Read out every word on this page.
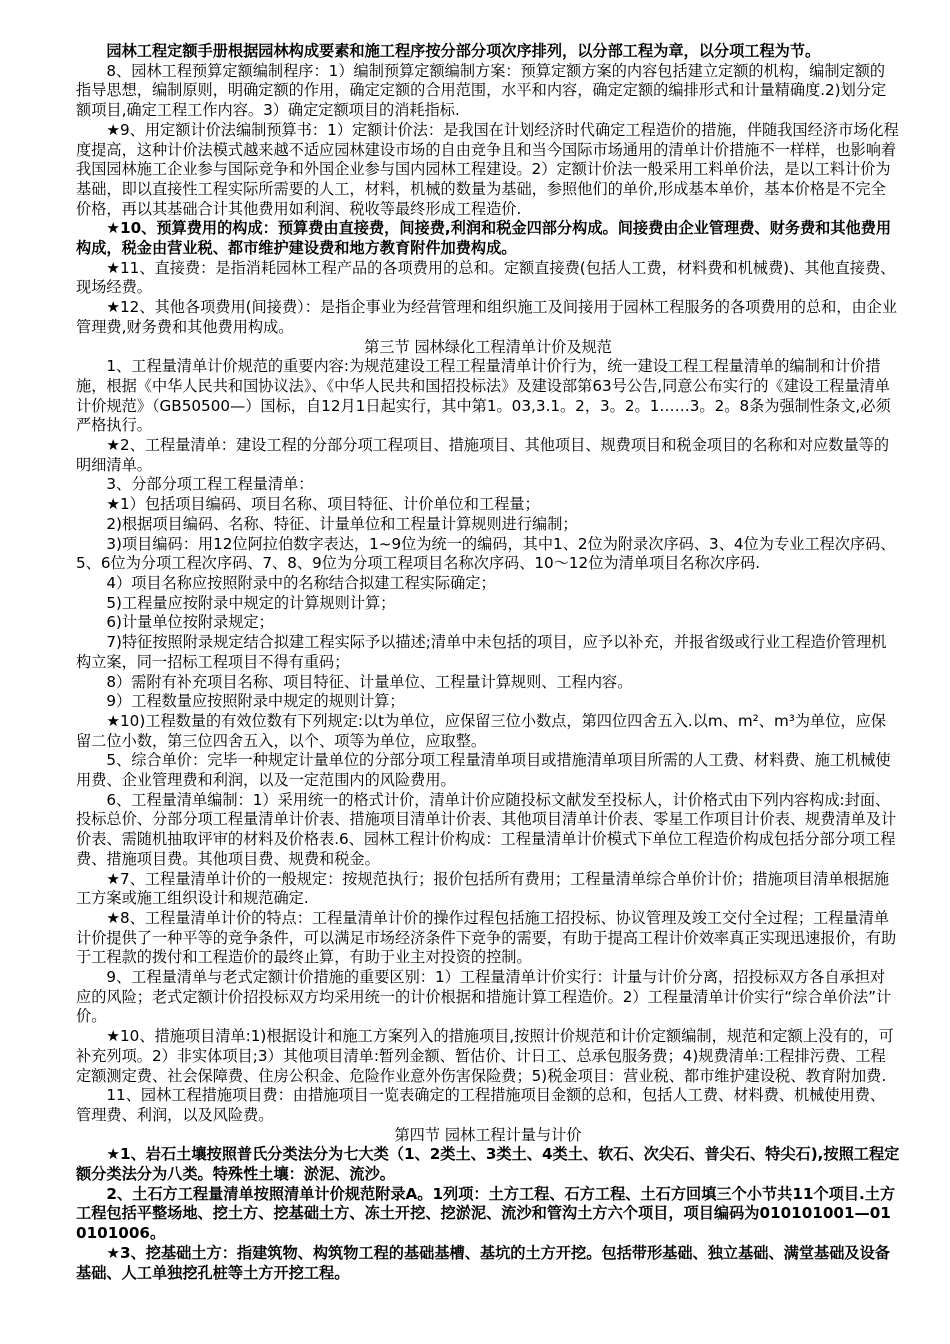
园林工程定额手册根据园林构成要素和施工程序按分部分项次序排列，以分部工程为章，以分项工程为节。

8、园林工程预算定额编制程序：1）编制预算定额编制方案：预算定额方案的内容包括建立定额的机构，编制定额的指导思想，编制原则，明确定额的作用，确定定额的合用范围，水平和内容，确定定额的编排形式和计量精确度.2)划分定额项目,确定工程工作内容。3）确定定额项目的消耗指标.

★9、用定额计价法编制预算书：1）定额计价法：是我国在计划经济时代确定工程造价的措施，伴随我国经济市场化程度提高，这种计价法模式越来越不适应园林建设市场的自由竞争且和当今国际市场通用的清单计价措施不一样样，也影响着我国园林施工企业参与国际竞争和外国企业参与国内园林工程建设。2）定额计价法一般采用工料单价法，是以工料计价为基础，即以直接性工程实际所需要的人工，材料，机械的数量为基础，参照他们的单价,形成基本单价，基本价格是不完全价格，再以其基础合计其他费用如利润、税收等最终形成工程造价.

★10、预算费用的构成：预算费由直接费，间接费,利润和税金四部分构成。间接费由企业管理费、财务费和其他费用构成，税金由营业税、都市维护建设费和地方教育附件加费构成。

★11、直接费：是指消耗园林工程产品的各项费用的总和。定额直接费(包括人工费，材料费和机械费)、其他直接费、现场经费。

★12、其他各项费用(间接费）：是指企事业为经营管理和组织施工及间接用于园林工程服务的各项费用的总和，由企业管理费,财务费和其他费用构成。

第三节 园林绿化工程清单计价及规范

1、工程量清单计价规范的重要内容:为规范建设工程工程量清单计价行为，统一建设工程工程量清单的编制和计价措施，根据《中华人民共和国协议法》、《中华人民共和国招投标法》及建设部第63号公告,同意公布实行的《建设工程量清单计价规范》（GB50500—）国标，自12月1日起实行，其中第1。03,3.1。2，3。2。1……3。2。8条为强制性条文,必须严格执行。

★2、工程量清单：建设工程的分部分项工程项目、措施项目、其他项目、规费项目和税金项目的名称和对应数量等的明细清单。

3、分部分项工程工程量清单：

★1）包括项目编码、项目名称、项目特征、计价单位和工程量；

2)根据项目编码、名称、特征、计量单位和工程量计算规则进行编制；

3)项目编码：用12位阿拉伯数字表达，1~9位为统一的编码，其中1、2位为附录次序码、3、4位为专业工程次序码、5、6位为分项工程次序码、7、8、9位为分项工程项目名称次序码、10～12位为清单项目名称次序码.

4）项目名称应按照附录中的名称结合拟建工程实际确定；

5)工程量应按附录中规定的计算规则计算；

6)计量单位按附录规定；

7)特征按照附录规定结合拟建工程实际予以描述;清单中未包括的项目，应予以补充，并报省级或行业工程造价管理机构立案，同一招标工程项目不得有重码；

8）需附有补充项目名称、项目特征、计量单位、工程量计算规则、工程内容。

9）工程数量应按照附录中规定的规则计算；

★10)工程数量的有效位数有下列规定:以t为单位，应保留三位小数点，第四位四舍五入.以m、m²、m³为单位，应保留二位小数，第三位四舍五入，以个、项等为单位，应取整。

5、综合单价：完毕一种规定计量单位的分部分项工程量清单项目或措施清单项目所需的人工费、材料费、施工机械使用费、企业管理费和利润，以及一定范围内的风险费用。

6、工程量清单编制：1）采用统一的格式计价，清单计价应随投标文献发至投标人，计价格式由下列内容构成:封面、投标总价、分部分项工程量清单计价表、措施项目清单计价表、其他项目清单计价表、零星工作项目计价表、规费清单及计价表、需随机抽取评审的材料及价格表.6、园林工程计价构成：工程量清单计价模式下单位工程造价构成包括分部分项工程费、措施项目费。其他项目费、规费和税金。

★7、工程量清单计价的一般规定：按规范执行；报价包括所有费用；工程量清单综合单价计价；措施项目清单根据施工方案或施工组织设计和规范确定.

★8、工程量清单计价的特点：工程量清单计价的操作过程包括施工招投标、协议管理及竣工交付全过程；工程量清单计价提供了一种平等的竞争条件，可以满足市场经济条件下竞争的需要，有助于提高工程计价效率真正实现迅速报价，有助于工程款的拨付和工程造价的最终止算，有助于业主对投资的控制。

9、工程量清单与老式定额计价措施的重要区别：1）工程量清单计价实行：计量与计价分离，招投标双方各自承担对应的风险；老式定额计价招投标双方均采用统一的计价根据和措施计算工程造价。2）工程量清单计价实行“综合单价法”计价。

★10、措施项目清单:1)根据设计和施工方案列入的措施项目,按照计价规范和计价定额编制，规范和定额上没有的，可补充列项。2）非实体项目;3）其他项目清单:暂列金额、暂估价、计日工、总承包服务费；4)规费清单:工程排污费、工程定额测定费、社会保障费、住房公积金、危险作业意外伤害保险费；5)税金项目：营业税、都市维护建设税、教育附加费.

11、园林工程措施项目费：由措施项目一览表确定的工程措施项目金额的总和，包括人工费、材料费、机械使用费、管理费、利润，以及风险费。

第四节 园林工程计量与计价

★1、岩石土壤按照普氏分类法分为七大类（1、2类土、3类土、4类土、软石、次尖石、普尖石、特尖石),按照工程定额分类法分为八类。特殊性土壤：淤泥、流沙。

2、土石方工程量清单按照清单计价规范附录A。1列项：土方工程、石方工程、土石方回填三个小节共11个项目.土方工程包括平整场地、挖土方、挖基础土方、冻土开挖、挖淤泥、流沙和管沟土方六个项目，项目编码为010101001—010101006。

★3、挖基础土方：指建筑物、构筑物工程的基础基槽、基坑的土方开挖。包括带形基础、独立基础、满堂基础及设备基础、人工单独挖孔桩等土方开挖工程。
